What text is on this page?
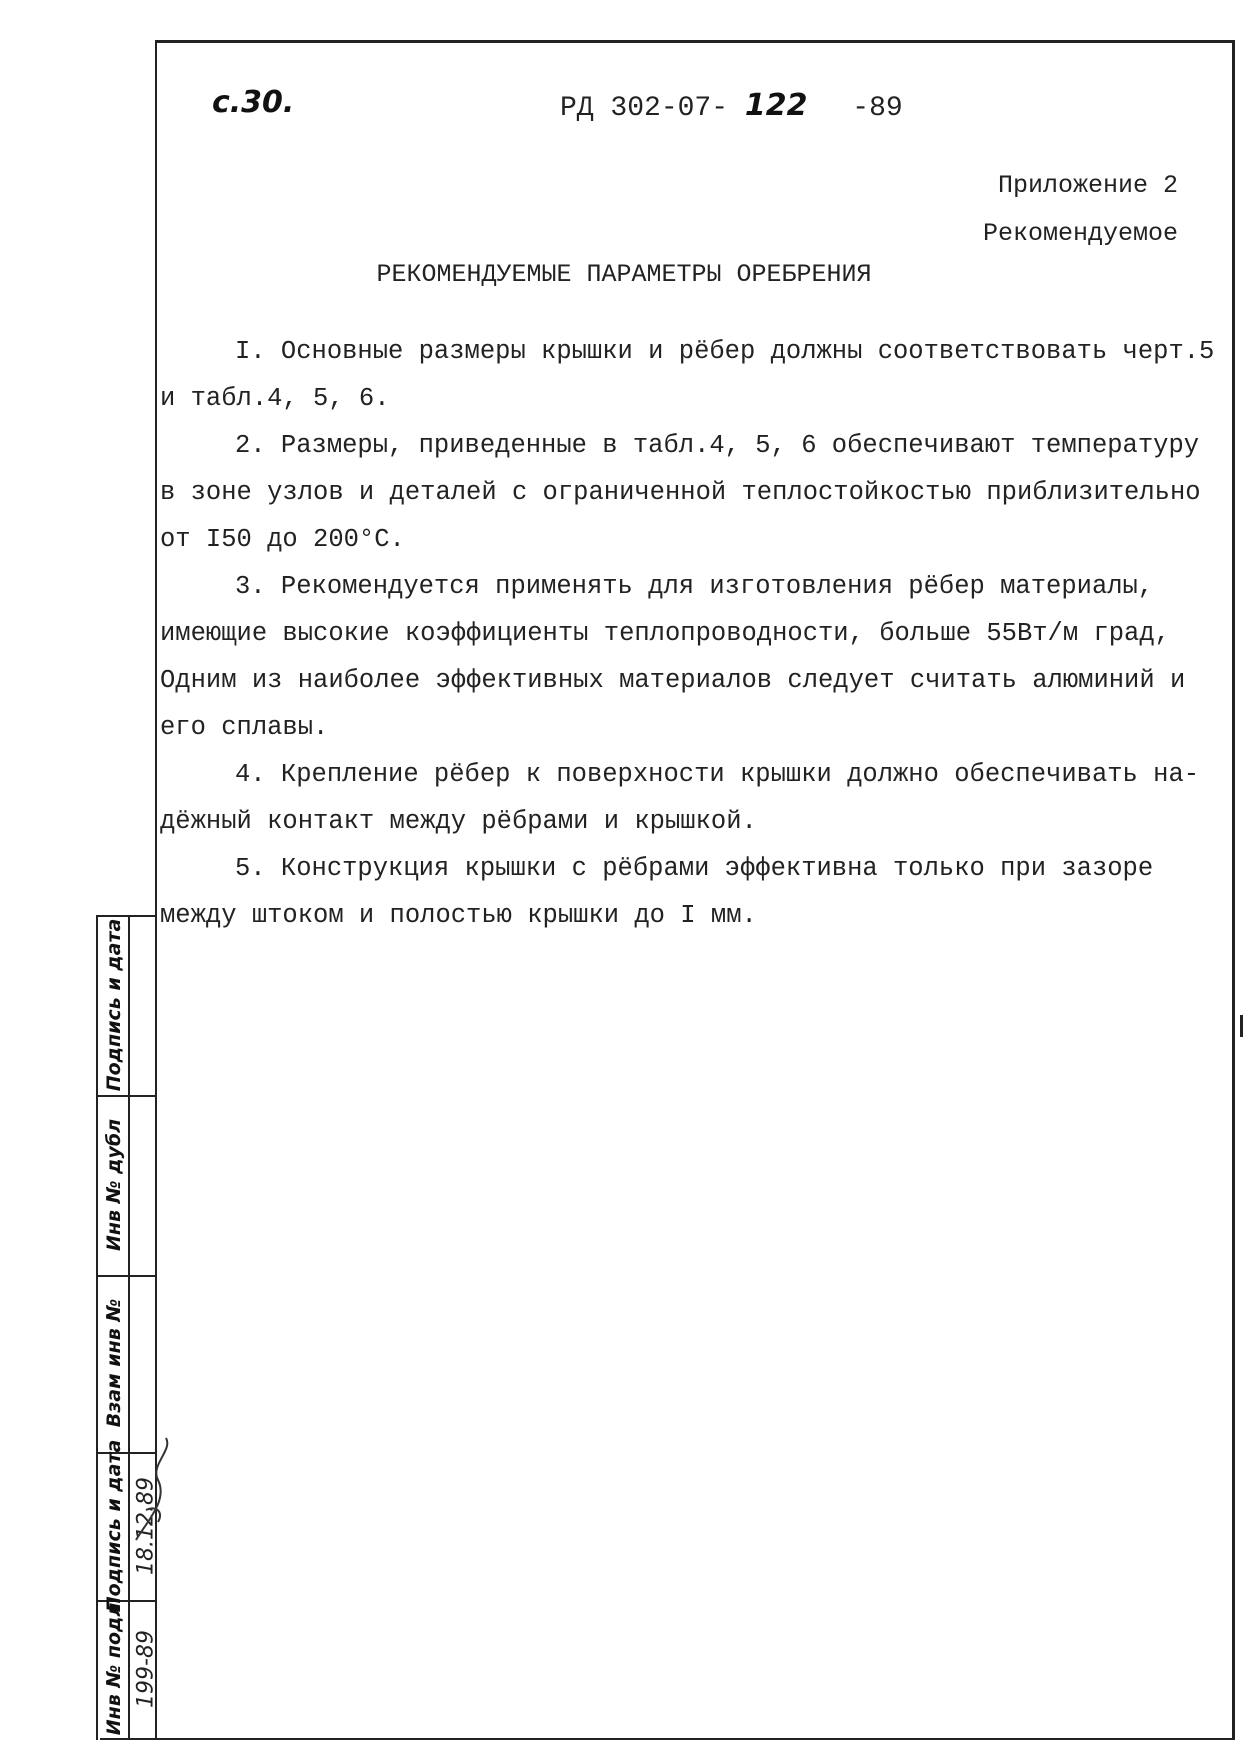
с.30.	РД 302-07- 122 -89

Приложение 2
Рекомендуемое

РЕКОМЕНДУЕМЫЕ ПАРАМЕТРЫ ОРЕБРЕНИЯ

I. Основные размеры крышки и рёбер должны соответствовать черт.5

и табл.4, 5, 6.

2. Размеры, приведенные в табл.4, 5, 6 обеспечивают температуру

в зоне узлов и деталей с ограниченной теплостойкостью приблизительно

от I50 до 200°С.

3. Рекомендуется применять для изготовления рёбер материалы,

имеющие высокие коэффициенты теплопроводности, больше 55Вт/м град,

Одним из наиболее эффективных материалов следует считать алюминий и

его сплавы.

4. Крепление рёбер к поверхности крышки должно обеспечивать на-

дёжный контакт между рёбрами и крышкой.

5. Конструкция крышки с рёбрами эффективна только при зазоре

между штоком и полостью крышки до I мм.

Подпись и дата
Инв № дубл
Взам инв №
Подпись и дата
Инв № подл 199-89
18.12.89
